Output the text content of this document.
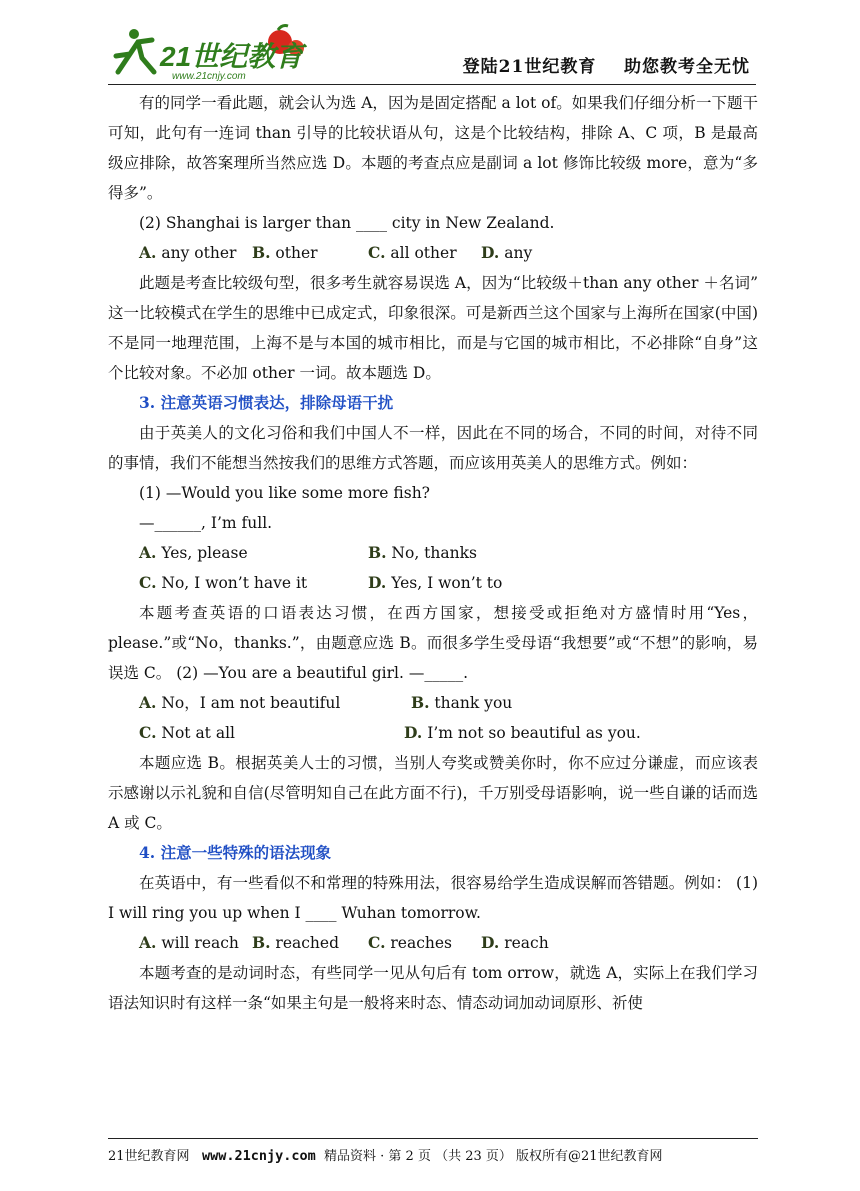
21世纪教育
www.21cnjy.com	登陆21世纪教育    助您教考全无忧

有的同学一看此题，就会认为选 A，因为是固定搭配 a lot of。如果我们仔细分析一下题干可知，此句有一连词 than 引导的比较状语从句，这是个比较结构，排除 A、C 项，B 是最高级应排除，故答案理所当然应选 D。本题的考查点应是副词 a lot 修饰比较级 more，意为“多得多”。

(2) Shanghai is larger than ____ city in New Zealand.

A. any other B. other	C. all other D. any

此题是考查比较级句型，很多考生就容易误选 A，因为“比较级＋than any other ＋名词” 这一比较模式在学生的思维中已成定式，印象很深。可是新西兰这个国家与上海所在国家(中国)不是同一地理范围，上海不是与本国的城市相比，而是与它国的城市相比，不必排除“自身”这个比较对象。不必加 other 一词。故本题选 D。

3. 注意英语习惯表达，排除母语干扰

由于英美人的文化习俗和我们中国人不一样，因此在不同的场合，不同的时间，对待不同的事情，我们不能想当然按我们的思维方式答题，而应该用英美人的思维方式。例如：

(1) —Would you like some more fish?

—______, I’m full.

A. Yes, please	B. No, thanks
C. No, I won’t have it	D. Yes, I won’t to

本题考查英语的口语表达习惯，在西方国家，想接受或拒绝对方盛情时用“Yes，please.”或“No，thanks.”，由题意应选 B。而很多学生受母语“我想要”或“不想”的影响，易误选 C。 (2) —You are a beautiful girl. —_____.

A. No，I am not beautiful	B. thank you
C. Not at all	D. I’m not so beautiful as you.

本题应选 B。根据英美人士的习惯，当别人夸奖或赞美你时，你不应过分谦虚，而应该表示感谢以示礼貌和自信(尽管明知自己在此方面不行)，千万别受母语影响，说一些自谦的话而选 A 或 C。

4. 注意一些特殊的语法现象

在英语中，有一些看似不和常理的特殊用法，很容易给学生造成误解而答错题。例如： (1) I will ring you up when I ____ Wuhan tomorrow.

A. will reach B. reached C. reaches D. reach

本题考查的是动词时态，有些同学一见从句后有 tom orrow，就选 A，实际上在我们学习语法知识时有这样一条“如果主句是一般将来时态、情态动词加动词原形、祈使

21世纪教育网 www.21cnjy.com 精品资料 · 第 2 页 （共 23 页） 版权所有@21世纪教育网
